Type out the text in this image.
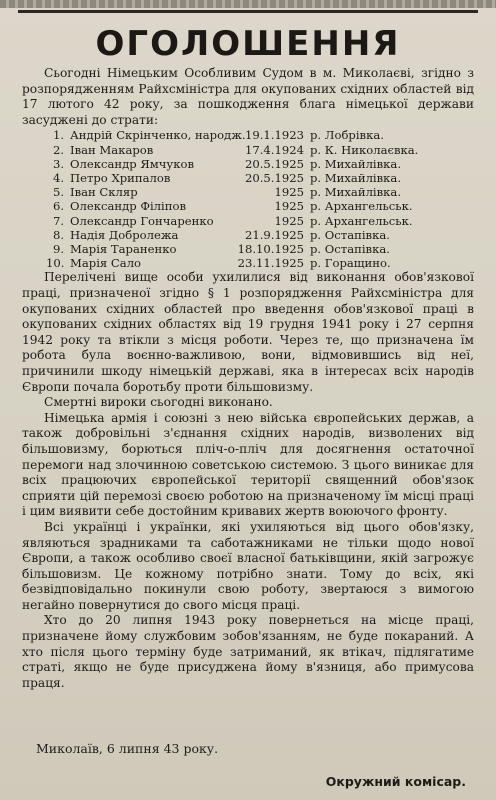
ОГОЛОШЕННЯ

Сьогодні Німецьким Особливим Судом в м. Миколаєві, згідно з розпорядженням Райхсміністра для окупованих східних областей від 17 лютого 42 року, за пошкодження блага німецької держави засуджені до страти:

1. Андрій Скрінченко, народж. 19.1.1923 р. Лобрівка.
2. Іван Макаров	17.4.1924 р. К. Николаєвка.
3. Олександр Ямчуков	20.5.1925 р. Михайлівка.
4. Петро Хрипалов	20.5.1925 р. Михайлівка.
5. Іван Скляр	1925 р. Михайлівка.
6. Олександр Філіпов	1925 р. Архангельськ.
7. Олександр Гончаренко	1925 р. Архангельськ.
8. Надія Добролежа	21.9.1925 р. Остапівка.
9. Марія Тараненко	18.10.1925 р. Остапівка.
10. Марія Сало	23.11.1925 р. Горащино.

Перелічені вище особи ухилилися від виконання обов'язкової праці, призначеної згідно § 1 розпорядження Райхсміністра для окупованих східних областей про введення обов'язкової праці в окупованих східних областях від 19 грудня 1941 року і 27 серпня 1942 року та втікли з місця роботи. Через те, що призначена їм робота була воєнно-важливою, вони, відмовившись від неї, причинили шкоду німецькій державі, яка в інтересах всіх народів Європи почала боротьбу проти більшовизму.

Смертні вироки сьогодні виконано.

Німецька армія і союзні з нею війська європейських держав, а також добровільні з'єднання східних народів, визволених від більшовизму, борються пліч-о-пліч для досягнення остаточної перемоги над злочинною советською системою. З цього виникає для всіх працюючих європейської території священний обов'язок сприяти цій перемозі своєю роботою на призначеному їм місці праці і цим виявити себе достойним кривавих жертв воюючого фронту.

Всі українці і українки, які ухиляються від цього обов'язку, являються зрадниками та саботажниками не тільки щодо нової Європи, а також особливо своєї власної батьківщини, якій загрожує більшовизм. Це кожному потрібно знати. Тому до всіх, які безвідповідально покинули свою роботу, звертаюся з вимогою негайно повернутися до свого місця праці.

Хто до 20 липня 1943 року повернеться на місце праці, призначене йому службовим зобов'язанням, не буде покараний. А хто після цього терміну буде затриманий, як втікач, підлягатиме страті, якщо не буде присуджена йому в'язниця, або примусова праця.

Миколаїв, 6 липня 43 року.
Окружний комісар.
